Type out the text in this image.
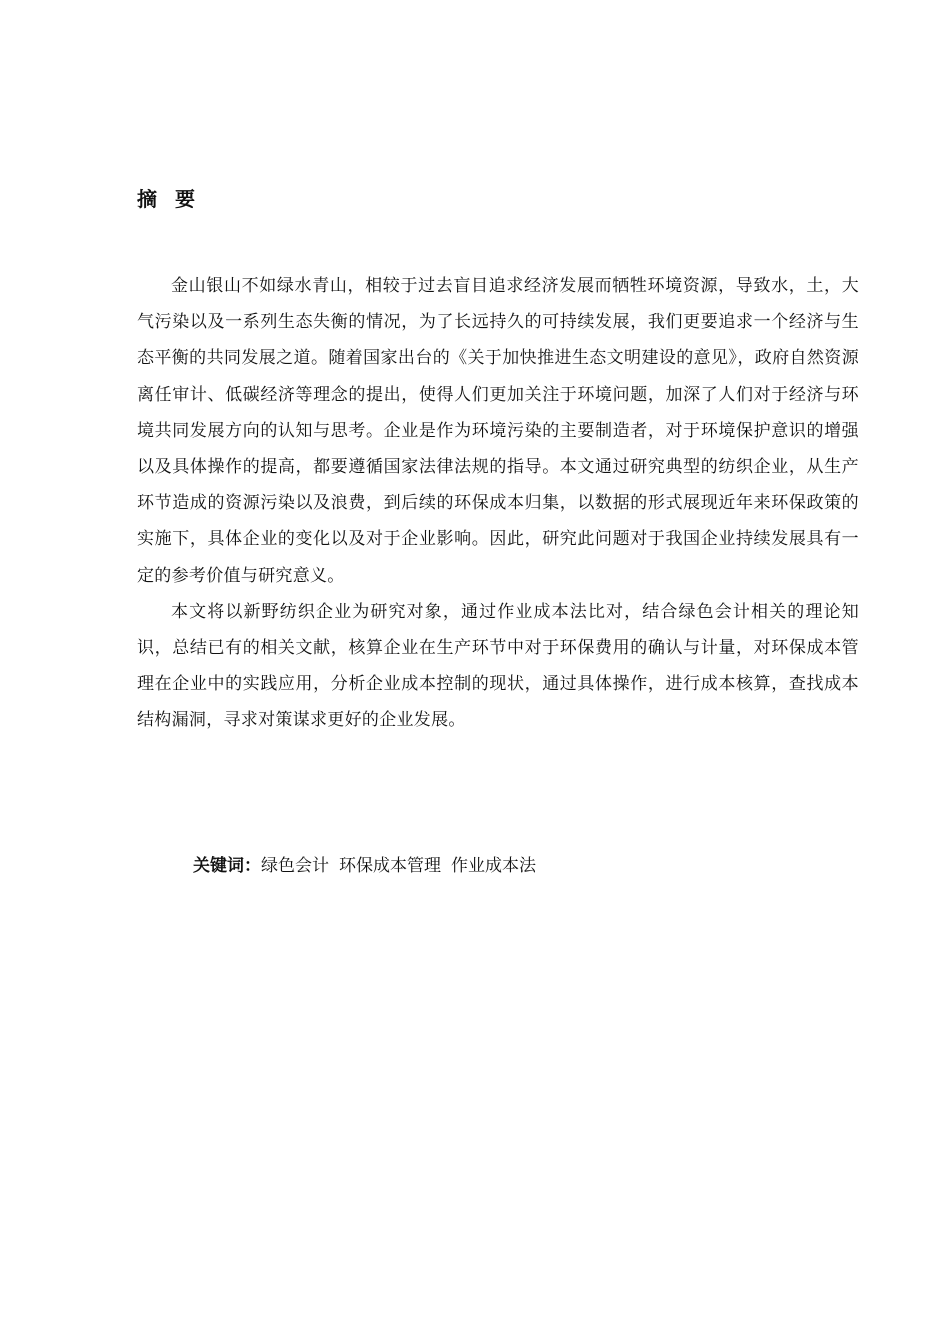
摘要

金山银山不如绿水青山，相较于过去盲目追求经济发展而牺牲环境资源，导致水，土，大气污染以及一系列生态失衡的情况，为了长远持久的可持续发展，我们更要追求一个经济与生态平衡的共同发展之道。随着国家出台的《关于加快推进生态文明建设的意见》，政府自然资源离任审计、低碳经济等理念的提出，使得人们更加关注于环境问题，加深了人们对于经济与环境共同发展方向的认知与思考。企业是作为环境污染的主要制造者，对于环境保护意识的增强以及具体操作的提高，都要遵循国家法律法规的指导。本文通过研究典型的纺织企业，从生产环节造成的资源污染以及浪费，到后续的环保成本归集，以数据的形式展现近年来环保政策的实施下，具体企业的变化以及对于企业影响。因此，研究此问题对于我国企业持续发展具有一定的参考价值与研究意义。

本文将以新野纺织企业为研究对象，通过作业成本法比对，结合绿色会计相关的理论知识，总结已有的相关文献，核算企业在生产环节中对于环保费用的确认与计量，对环保成本管理在企业中的实践应用，分析企业成本控制的现状，通过具体操作，进行成本核算，查找成本结构漏洞，寻求对策谋求更好的企业发展。

关键词：绿色会计 环保成本管理 作业成本法
